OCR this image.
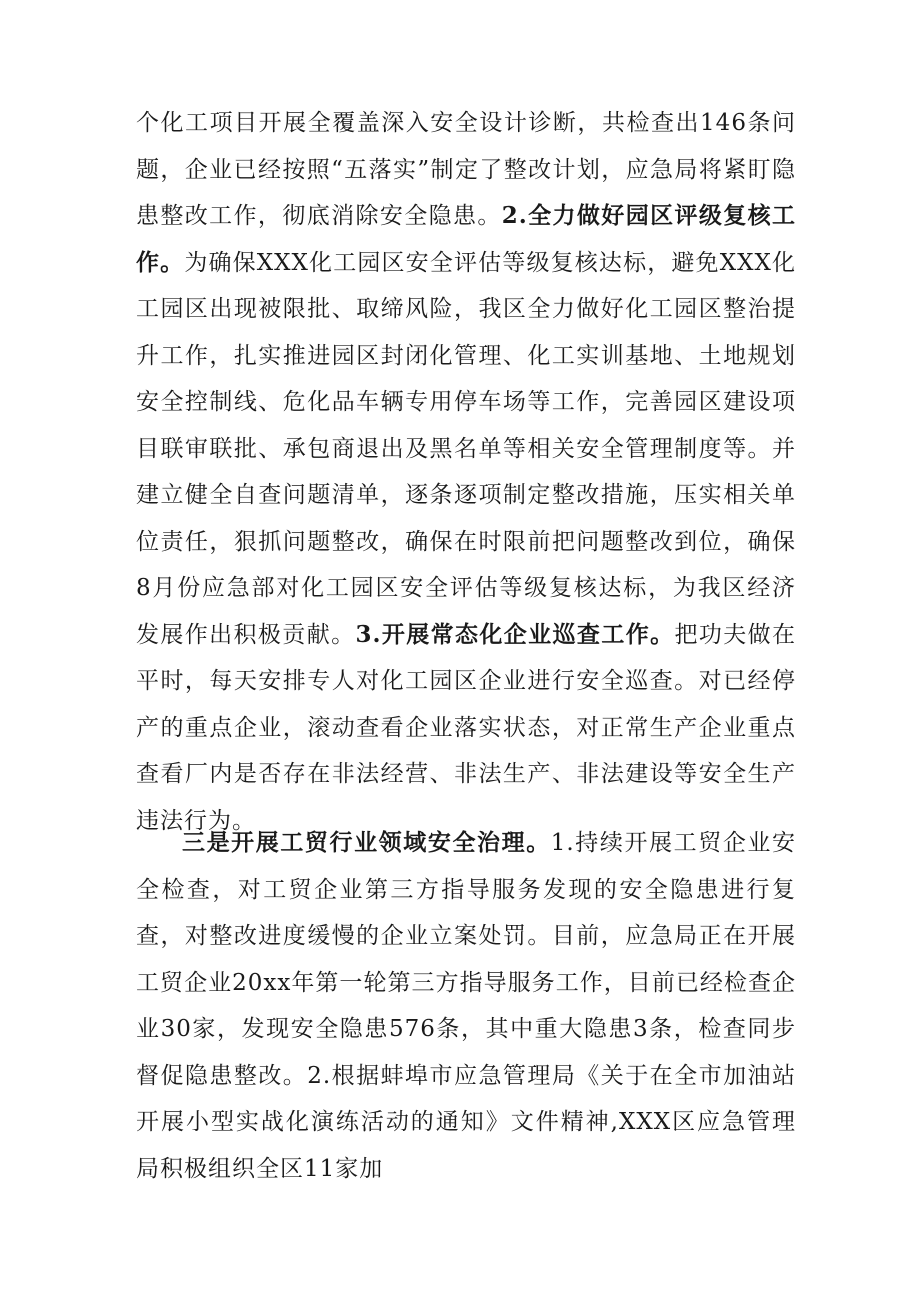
个化工项目开展全覆盖深入安全设计诊断，共检查出146条问题，企业已经按照“五落实”制定了整改计划，应急局将紧盯隐患整改工作，彻底消除安全隐患。2.全力做好园区评级复核工作。为确保XXX化工园区安全评估等级复核达标，避免XXX化工园区出现被限批、取缔风险，我区全力做好化工园区整治提升工作，扎实推进园区封闭化管理、化工实训基地、土地规划安全控制线、危化品车辆专用停车场等工作，完善园区建设项目联审联批、承包商退出及黑名单等相关安全管理制度等。并建立健全自查问题清单，逐条逐项制定整改措施，压实相关单位责任，狠抓问题整改，确保在时限前把问题整改到位，确保8月份应急部对化工园区安全评估等级复核达标，为我区经济发展作出积极贡献。3.开展常态化企业巡查工作。把功夫做在平时，每天安排专人对化工园区企业进行安全巡查。对已经停产的重点企业，滚动查看企业落实状态，对正常生产企业重点查看厂内是否存在非法经营、非法生产、非法建设等安全生产违法行为。

三是开展工贸行业领域安全治理。1.持续开展工贸企业安全检查，对工贸企业第三方指导服务发现的安全隐患进行复查，对整改进度缓慢的企业立案处罚。目前，应急局正在开展工贸企业20xx年第一轮第三方指导服务工作，目前已经检查企业30家，发现安全隐患576条，其中重大隐患3条，检查同步督促隐患整改。2.根据蚌埠市应急管理局《关于在全市加油站开展小型实战化演练活动的通知》文件精神,XXX区应急管理局积极组织全区11家加
